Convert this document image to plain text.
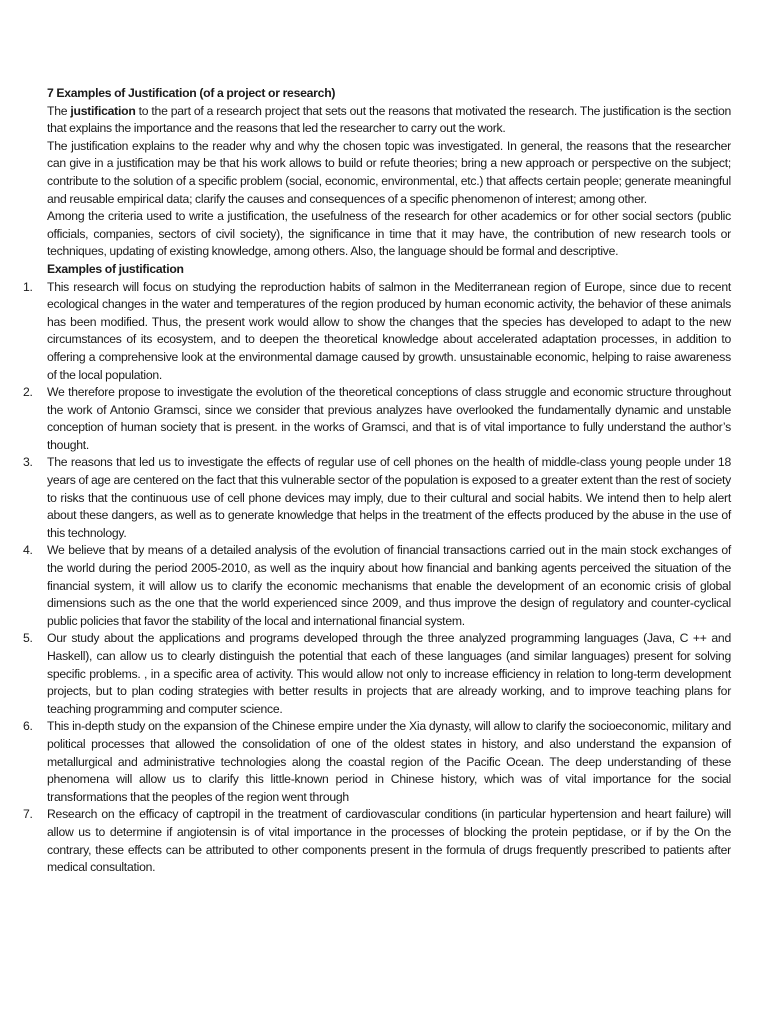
7 Examples of Justification (of a project or research)

The justification to the part of a research project that sets out the reasons that motivated the research. The justification is the section that explains the importance and the reasons that led the researcher to carry out the work.

The justification explains to the reader why and why the chosen topic was investigated. In general, the reasons that the researcher can give in a justification may be that his work allows to build or refute theories; bring a new approach or perspective on the subject; contribute to the solution of a specific problem (social, economic, environmental, etc.) that affects certain people; generate meaningful and reusable empirical data; clarify the causes and consequences of a specific phenomenon of interest; among other.

Among the criteria used to write a justification, the usefulness of the research for other academics or for other social sectors (public officials, companies, sectors of civil society), the significance in time that it may have, the contribution of new research tools or techniques, updating of existing knowledge, among others. Also, the language should be formal and descriptive.

Examples of justification

1. This research will focus on studying the reproduction habits of salmon in the Mediterranean region of Europe, since due to recent ecological changes in the water and temperatures of the region produced by human economic activity, the behavior of these animals has been modified. Thus, the present work would allow to show the changes that the species has developed to adapt to the new circumstances of its ecosystem, and to deepen the theoretical knowledge about accelerated adaptation processes, in addition to offering a comprehensive look at the environmental damage caused by growth. unsustainable economic, helping to raise awareness of the local population.
2. We therefore propose to investigate the evolution of the theoretical conceptions of class struggle and economic structure throughout the work of Antonio Gramsci, since we consider that previous analyzes have overlooked the fundamentally dynamic and unstable conception of human society that is present. in the works of Gramsci, and that is of vital importance to fully understand the author’s thought.
3. The reasons that led us to investigate the effects of regular use of cell phones on the health of middle-class young people under 18 years of age are centered on the fact that this vulnerable sector of the population is exposed to a greater extent than the rest of society to risks that the continuous use of cell phone devices may imply, due to their cultural and social habits. We intend then to help alert about these dangers, as well as to generate knowledge that helps in the treatment of the effects produced by the abuse in the use of this technology.
4. We believe that by means of a detailed analysis of the evolution of financial transactions carried out in the main stock exchanges of the world during the period 2005-2010, as well as the inquiry about how financial and banking agents perceived the situation of the financial system, it will allow us to clarify the economic mechanisms that enable the development of an economic crisis of global dimensions such as the one that the world experienced since 2009, and thus improve the design of regulatory and counter-cyclical public policies that favor the stability of the local and international financial system.
5. Our study about the applications and programs developed through the three analyzed programming languages (Java, C ++ and Haskell), can allow us to clearly distinguish the potential that each of these languages (and similar languages) present for solving specific problems. , in a specific area of activity. This would allow not only to increase efficiency in relation to long-term development projects, but to plan coding strategies with better results in projects that are already working, and to improve teaching plans for teaching programming and computer science.
6. This in-depth study on the expansion of the Chinese empire under the Xia dynasty, will allow to clarify the socioeconomic, military and political processes that allowed the consolidation of one of the oldest states in history, and also understand the expansion of metallurgical and administrative technologies along the coastal region of the Pacific Ocean. The deep understanding of these phenomena will allow us to clarify this little-known period in Chinese history, which was of vital importance for the social transformations that the peoples of the region went through
7. Research on the efficacy of captropil in the treatment of cardiovascular conditions (in particular hypertension and heart failure) will allow us to determine if angiotensin is of vital importance in the processes of blocking the protein peptidase, or if by the On the contrary, these effects can be attributed to other components present in the formula of drugs frequently prescribed to patients after medical consultation.
